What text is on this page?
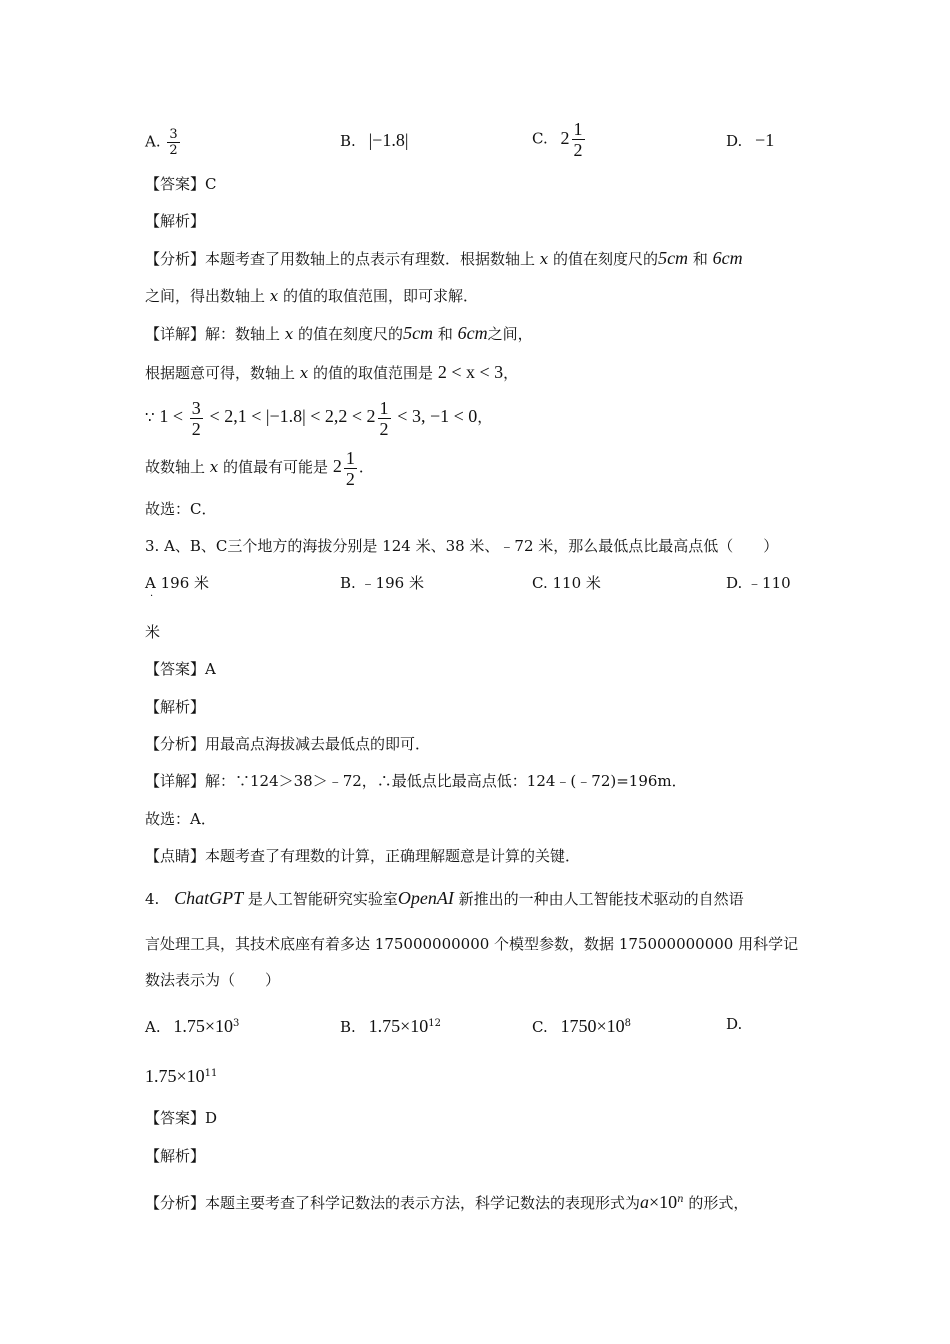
A. $\frac{3}{2}$	B. |−1.8|	C. $2 \frac{1}{2}$	D. −1
【答案】C
【解析】
【分析】本题考查了用数轴上的点表示有理数．根据数轴上 x 的值在刻度尺的5cm 和 6cm
之间，得出数轴上 x 的值的取值范围，即可求解．
【详解】解：数轴上 x 的值在刻度尺的5cm 和 6cm之间，
根据题意可得，数轴上 x 的值的取值范围是 2 < x < 3，
∵ $1 < \frac{3}{2} < 2,1 < |-1.8| < 2,2 < 2 \frac{1}{2} < 3$, −1 < 0，
故数轴上 x 的值最有可能是 $2 \frac{1}{2}$ ．
故选：C．
3. A、B、C三个地方的海拔分别是 124 米、38 米、﹣72 米，那么最低点比最高点低（　　）
A 196 米
·
B. ﹣196 米	C. 110 米	D. ﹣110
米
【答案】A
【解析】
【分析】用最高点海拔减去最低点的即可．
【详解】解：∵124＞38＞﹣72，∴最低点比最高点低：124﹣(﹣72)=196m．
故选：A．
【点睛】本题考查了有理数的计算，正确理解题意是计算的关键．
4. ChatGPT 是人工智能研究实验室OpenAI 新推出的一种由人工智能技术驱动的自然语
言处理工具，其技术底座有着多达 175000000000 个模型参数，数据 175000000000 用科学记
数法表示为（　　）
A. $1.75\times 10^3$	B. $1.75\times 10^{12}$	C. $1750\times 10^8$	D.
$1.75\times 10^{11}$
【答案】D
【解析】
【分析】本题主要考查了科学记数法的表示方法，科学记数法的表现形式为$a\times 10^n$ 的形式，
